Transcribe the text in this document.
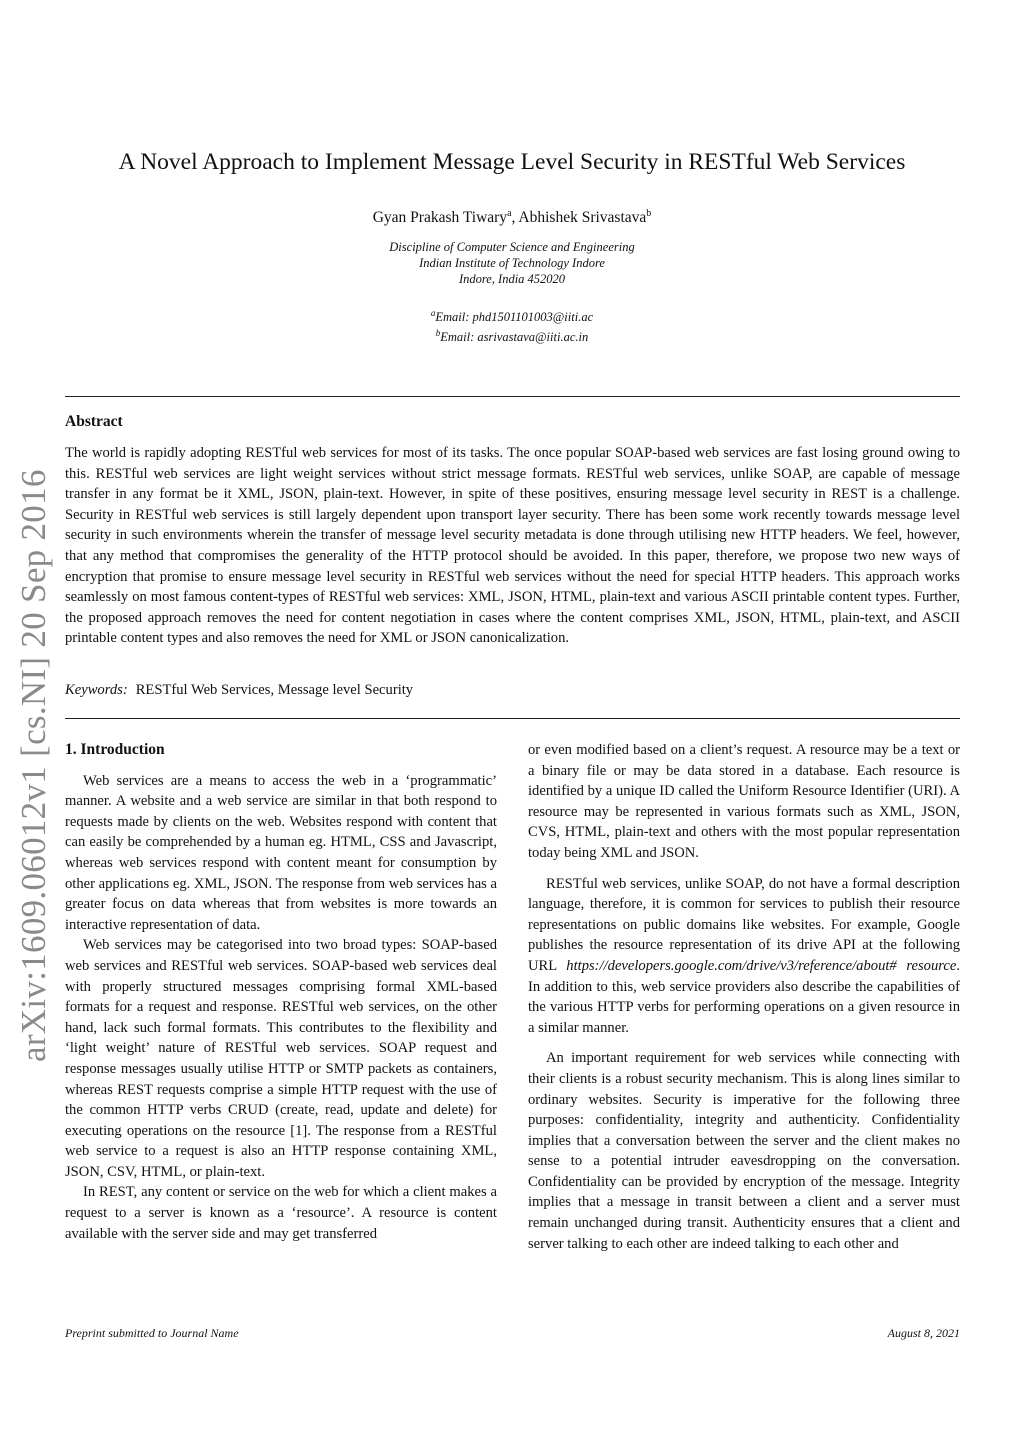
arXiv:1609.06012v1 [cs.NI] 20 Sep 2016
A Novel Approach to Implement Message Level Security in RESTful Web Services
Gyan Prakash Tiwary$^a$, Abhishek Srivastava$^b$
Discipline of Computer Science and Engineering
Indian Institute of Technology Indore
Indore, India 452020
$^a$Email: phd1501101003@iiti.ac
$^b$Email: asrivastava@iiti.ac.in
Abstract
The world is rapidly adopting RESTful web services for most of its tasks. The once popular SOAP-based web services are fast losing ground owing to this. RESTful web services are light weight services without strict message formats. RESTful web services, unlike SOAP, are capable of message transfer in any format be it XML, JSON, plain-text. However, in spite of these positives, ensuring message level security in REST is a challenge. Security in RESTful web services is still largely dependent upon transport layer security. There has been some work recently towards message level security in such environments wherein the transfer of message level security metadata is done through utilising new HTTP headers. We feel, however, that any method that compromises the generality of the HTTP protocol should be avoided. In this paper, therefore, we propose two new ways of encryption that promise to ensure message level security in RESTful web services without the need for special HTTP headers. This approach works seamlessly on most famous content-types of RESTful web services: XML, JSON, HTML, plain-text and various ASCII printable content types. Further, the proposed approach removes the need for content negotiation in cases where the content comprises XML, JSON, HTML, plain-text, and ASCII printable content types and also removes the need for XML or JSON canonicalization.
Keywords: RESTful Web Services, Message level Security
1. Introduction

Web services are a means to access the web in a ‘programmatic’ manner. A website and a web service are similar in that both respond to requests made by clients on the web. Websites respond with content that can easily be comprehended by a human eg. HTML, CSS and Javascript, whereas web services respond with content meant for consumption by other applications eg. XML, JSON. The response from web services has a greater focus on data whereas that from websites is more towards an interactive representation of data.

Web services may be categorised into two broad types: SOAP-based web services and RESTful web services. SOAP-based web services deal with properly structured messages comprising formal XML-based formats for a request and response. RESTful web services, on the other hand, lack such formal formats. This contributes to the flexibility and ‘light weight’ nature of RESTful web services. SOAP request and response messages usually utilise HTTP or SMTP packets as containers, whereas REST requests comprise a simple HTTP request with the use of the common HTTP verbs CRUD (create, read, update and delete) for executing operations on the resource [1]. The response from a RESTful web service to a request is also an HTTP response containing XML, JSON, CSV, HTML, or plain-text.

In REST, any content or service on the web for which a client makes a request to a server is known as a ‘resource’. A resource is content available with the server side and may get transferred

or even modified based on a client’s request. A resource may be a text or a binary file or may be data stored in a database. Each resource is identified by a unique ID called the Uniform Resource Identifier (URI). A resource may be represented in various formats such as XML, JSON, CVS, HTML, plain-text and others with the most popular representation today being XML and JSON.

RESTful web services, unlike SOAP, do not have a formal description language, therefore, it is common for services to publish their resource representations on public domains like websites. For example, Google publishes the resource representation of its drive API at the following URL https://developers.google.com/drive/v3/reference/about# resource. In addition to this, web service providers also describe the capabilities of the various HTTP verbs for performing operations on a given resource in a similar manner.

An important requirement for web services while connecting with their clients is a robust security mechanism. This is along lines similar to ordinary websites. Security is imperative for the following three purposes: confidentiality, integrity and authenticity. Confidentiality implies that a conversation between the server and the client makes no sense to a potential intruder eavesdropping on the conversation. Confidentiality can be provided by encryption of the message. Integrity implies that a message in transit between a client and a server must remain unchanged during transit. Authenticity ensures that a client and server talking to each other are indeed talking to each other and

Preprint submitted to Journal Name	August 8, 2021
